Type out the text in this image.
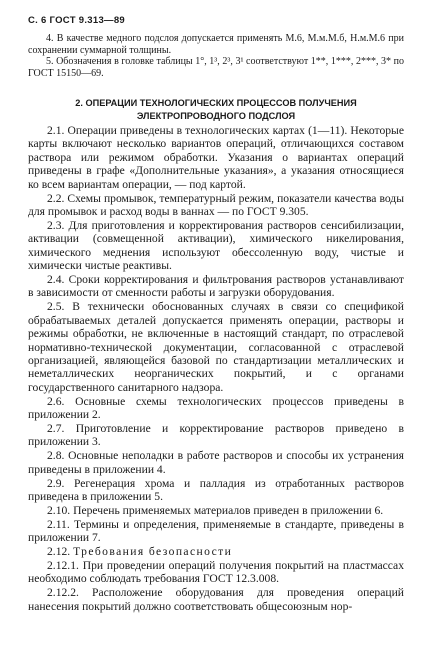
С. 6 ГОСТ 9.313—89

4. В качестве медного подслоя допускается применять М.6, М.м.М.б, Н.м.М.6 при сохранении суммарной толщины.

5. Обозначения в головке таблицы 1°, 1³, 2³, 3¹ соответствуют 1**, 1***, 2***, 3* по ГОСТ 15150—69.

2. ОПЕРАЦИИ ТЕХНОЛОГИЧЕСКИХ ПРОЦЕССОВ ПОЛУЧЕНИЯ
ЭЛЕКТРОПРОВОДНОГО ПОДСЛОЯ

2.1. Операции приведены в технологических картах (1—11). Некоторые карты включают несколько вариантов операций, отличающихся составом раствора или режимом обработки. Указания о вариантах операций приведены в графе «Дополнительные указания», а указания относящиеся ко всем вариантам операции, — под картой.

2.2. Схемы промывок, температурный режим, показатели качества воды для промывок и расход воды в ваннах — по ГОСТ 9.305.

2.3. Для приготовления и корректирования растворов сенсибилизации, активации (совмещенной активации), химического никелирования, химического меднения используют обессоленную воду, чистые и химически чистые реактивы.

2.4. Сроки корректирования и фильтрования растворов устанавливают в зависимости от сменности работы и загрузки оборудования.

2.5. В технически обоснованных случаях в связи со спецификой обрабатываемых деталей допускается применять операции, растворы и режимы обработки, не включенные в настоящий стандарт, по отраслевой нормативно-технической документации, согласованной с отраслевой организацией, являющейся базовой по стандартизации металлических и неметаллических неорганических покрытий, и с органами государственного санитарного надзора.

2.6. Основные схемы технологических процессов приведены в приложении 2.

2.7. Приготовление и корректирование растворов приведено в приложении 3.

2.8. Основные неполадки в работе растворов и способы их устранения приведены в приложении 4.

2.9. Регенерация хрома и палладия из отработанных растворов приведена в приложении 5.

2.10. Перечень применяемых материалов приведен в приложении 6.

2.11. Термины и определения, применяемые в стандарте, приведены в приложении 7.

2.12. Требования безопасности

2.12.1. При проведении операций получения покрытий на пластмассах необходимо соблюдать требования ГОСТ 12.3.008.

2.12.2. Расположение оборудования для проведения операций нанесения покрытий должно соответствовать общесоюзным нор-
